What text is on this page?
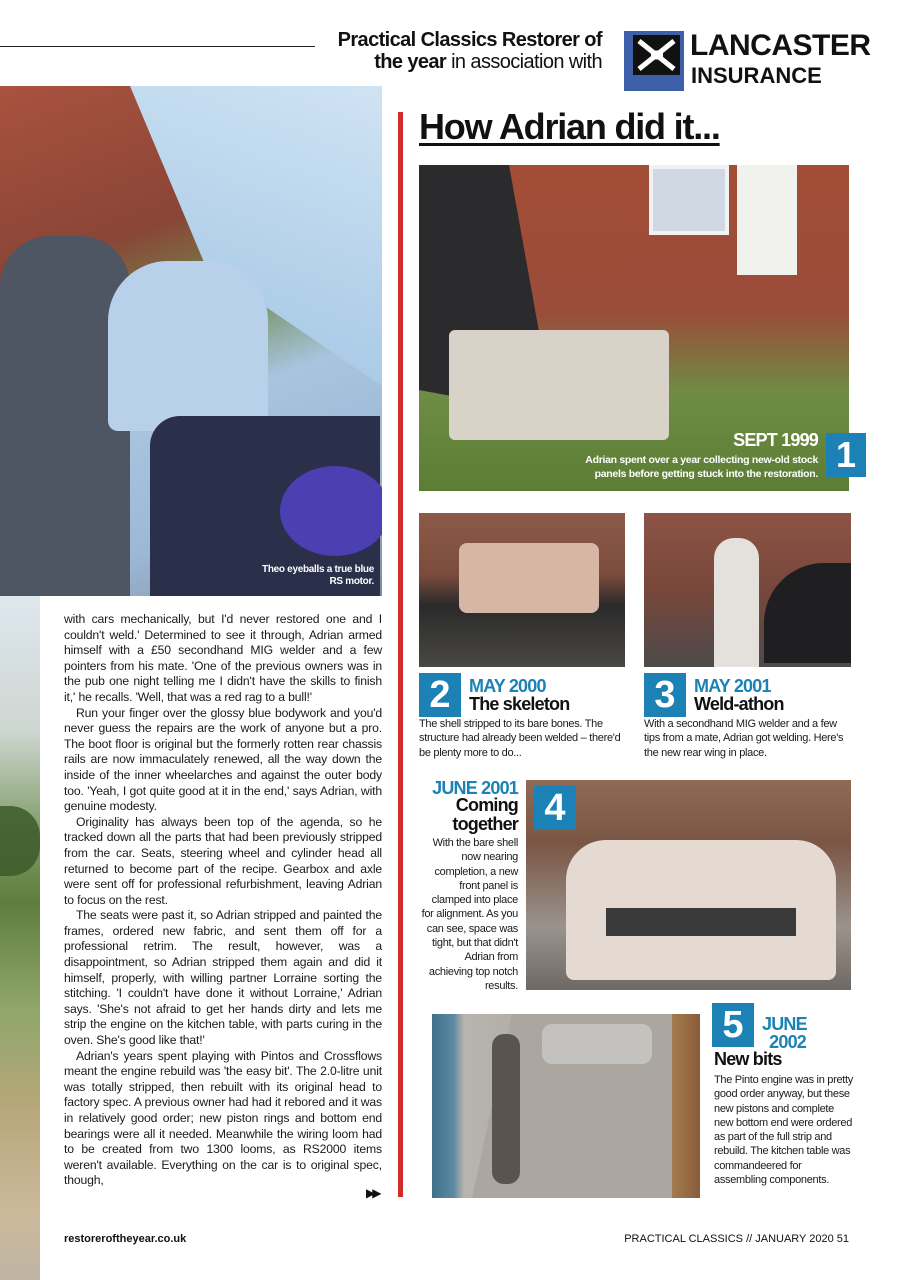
Practical Classics Restorer of the year in association with	LANCASTER
INSURANCE
Theo eyeballs a true blue RS motor.

with cars mechanically, but I'd never restored one and I couldn't weld.' Determined to see it through, Adrian armed himself with a £50 secondhand MIG welder and a few pointers from his mate. 'One of the previous owners was in the pub one night telling me I didn't have the skills to finish it,' he recalls. 'Well, that was a red rag to a bull!'

Run your finger over the glossy blue bodywork and you'd never guess the repairs are the work of anyone but a pro. The boot floor is original but the formerly rotten rear chassis rails are now immaculately renewed, all the way down the inside of the inner wheelarches and against the outer body too. 'Yeah, I got quite good at it in the end,' says Adrian, with genuine modesty.

Originality has always been top of the agenda, so he tracked down all the parts that had been previously stripped from the car. Seats, steering wheel and cylinder head all returned to become part of the recipe. Gearbox and axle were sent off for professional refurbishment, leaving Adrian to focus on the rest.

The seats were past it, so Adrian stripped and painted the frames, ordered new fabric, and sent them off for a professional retrim. The result, however, was a disappointment, so Adrian stripped them again and did it himself, properly, with willing partner Lorraine sorting the stitching. 'I couldn't have done it without Lorraine,' Adrian says. 'She's not afraid to get her hands dirty and lets me strip the engine on the kitchen table, with parts curing in the oven. She's good like that!'

Adrian's years spent playing with Pintos and Crossflows meant the engine rebuild was 'the easy bit'. The 2.0-litre unit was totally stripped, then rebuilt with its original head to factory spec. A previous owner had had it rebored and it was in relatively good order; new piston rings and bottom end bearings were all it needed. Meanwhile the wiring loom had to be created from two 1300 looms, as RS2000 items weren't available. Everything on the car is to original spec, though,

▶▶
How Adrian did it...
SEPT 1999
Adrian spent over a year collecting new-old stock panels before getting stuck into the restoration. 1
2	MAY 2000
The skeleton
The shell stripped to its bare bones. The structure had already been welded – there'd be plenty more to do...
3	MAY 2001
Weld-athon
With a secondhand MIG welder and a few tips from a mate, Adrian got welding. Here's the new rear wing in place.
JUNE 2001
Coming together
With the bare shell now nearing completion, a new front panel is clamped into place for alignment. As you can see, space was tight, but that didn't Adrian from achieving top notch results.
4
5	JUNE 2002
New bits
The Pinto engine was in pretty good order anyway, but these new pistons and complete new bottom end were ordered as part of the full strip and rebuild. The kitchen table was commandeered for assembling components.
restoreroftheyear.co.uk	PRACTICAL CLASSICS // JANUARY 2020 51
